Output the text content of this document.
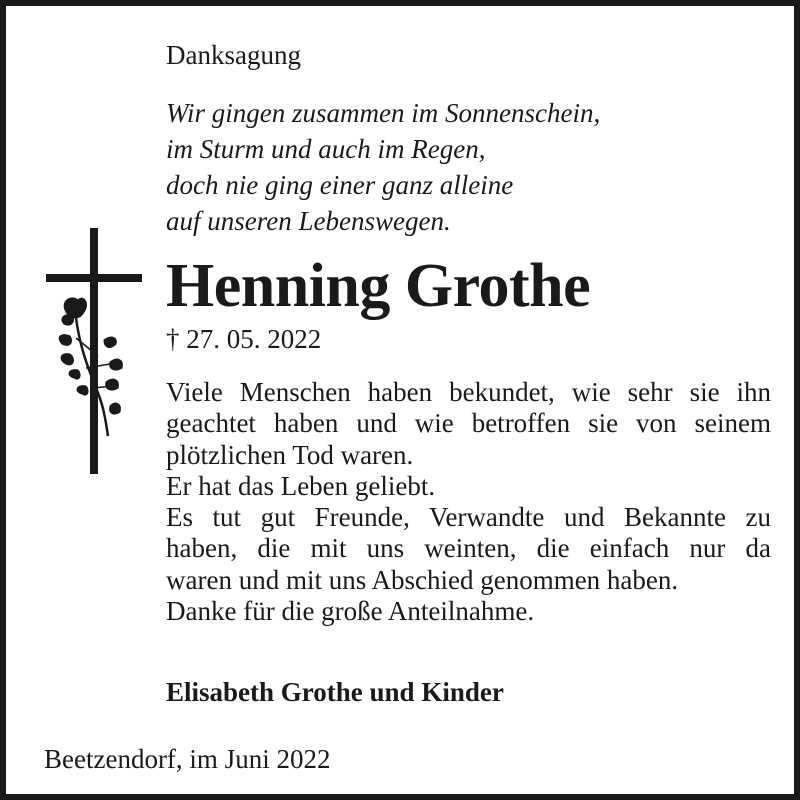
Danksagung
Wir gingen zusammen im Sonnenschein,
im Sturm und auch im Regen,
doch nie ging einer ganz alleine
auf unseren Lebenswegen.
Henning Grothe
† 27. 05. 2022
Viele Menschen haben bekundet, wie sehr sie ihn
geachtet haben und wie betroffen sie von seinem
plötzlichen Tod waren.
Er hat das Leben geliebt.
Es tut gut Freunde, Verwandte und Bekannte zu
haben, die mit uns weinten, die einfach nur da
waren und mit uns Abschied genommen haben.
Danke für die große Anteilnahme.
Elisabeth Grothe und Kinder
Beetzendorf, im Juni 2022
